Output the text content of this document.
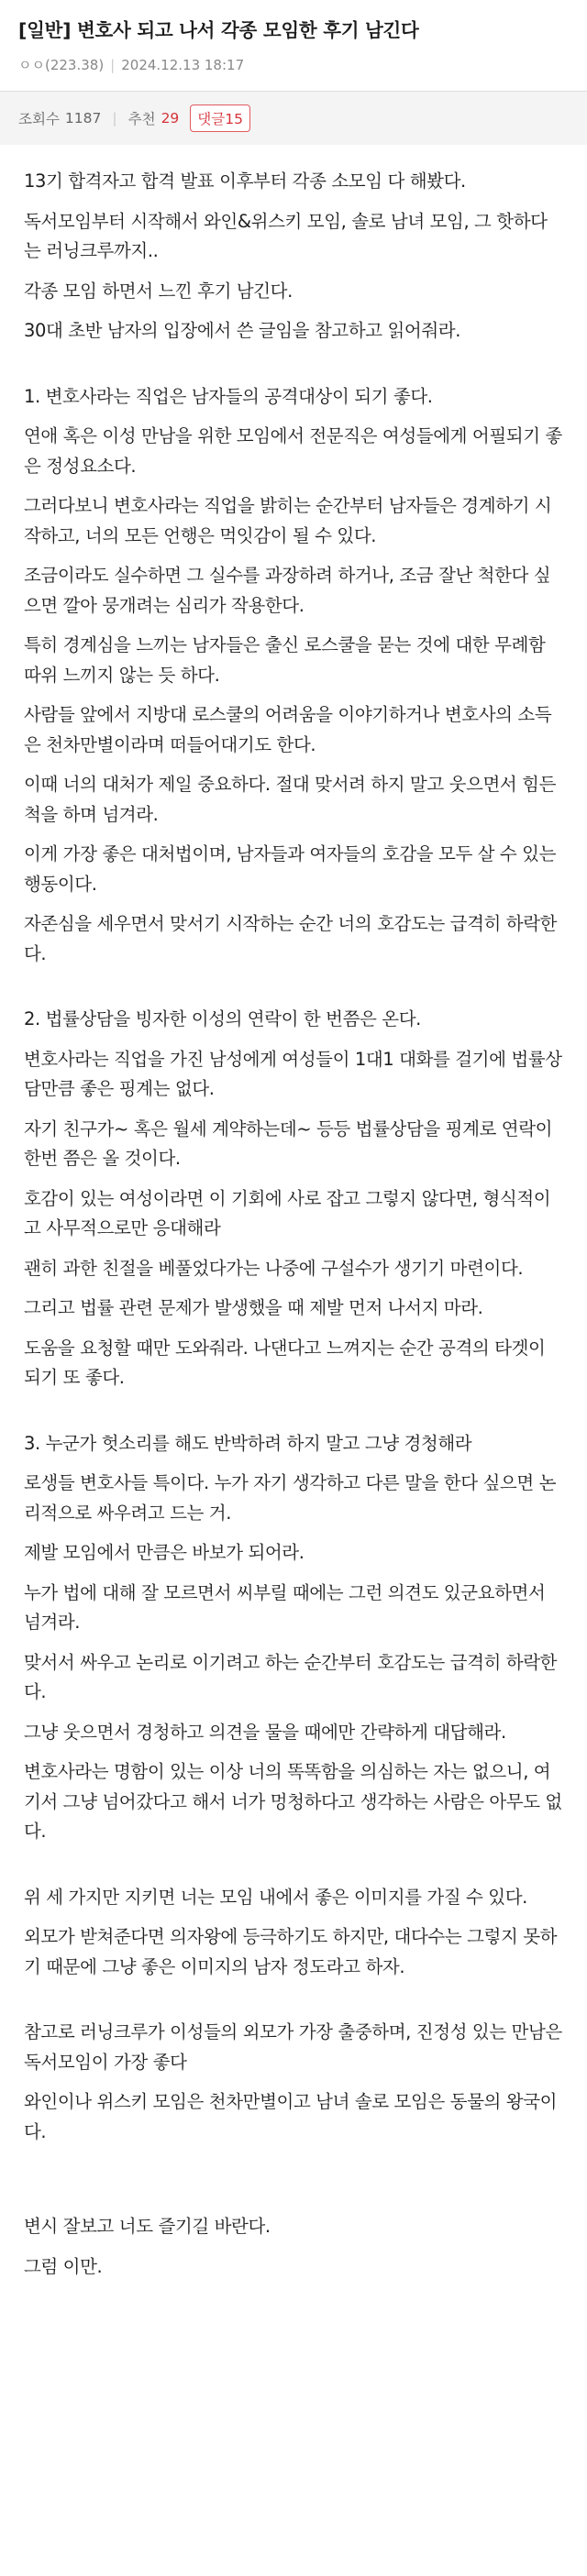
[일반] 변호사 되고 나서 각종 모임한 후기 남긴다
ㅇㅇ(223.38) | 2024.12.13 18:17
조회수 1187 | 추천 29	댓글15
13기 합격자고 합격 발표 이후부터 각종 소모임 다 해봤다.
독서모임부터 시작해서 와인&위스키 모임, 솔로 남녀 모임, 그 핫하다는 러닝크루까지..
각종 모임 하면서 느낀 후기 남긴다.
30대 초반 남자의 입장에서 쓴 글임을 참고하고 읽어줘라.
1. 변호사라는 직업은 남자들의 공격대상이 되기 좋다.
연애 혹은 이성 만남을 위한 모임에서 전문직은 여성들에게 어필되기 좋은 정성요소다.
그러다보니 변호사라는 직업을 밝히는 순간부터 남자들은 경계하기 시작하고, 너의 모든 언행은 먹잇감이 될 수 있다.
조금이라도 실수하면 그 실수를 과장하려 하거나, 조금 잘난 척한다 싶으면 깔아 뭉개려는 심리가 작용한다.
특히 경계심을 느끼는 남자들은 출신 로스쿨을 묻는 것에 대한 무례함 따위 느끼지 않는 듯 하다.
사람들 앞에서 지방대 로스쿨의 어려움을 이야기하거나 변호사의 소득은 천차만별이라며 떠들어대기도 한다.
이때 너의 대처가 제일 중요하다. 절대 맞서려 하지 말고 웃으면서 힘든 척을 하며 넘겨라.
이게 가장 좋은 대처법이며, 남자들과 여자들의 호감을 모두 살 수 있는 행동이다.
자존심을 세우면서 맞서기 시작하는 순간 너의 호감도는 급격히 하락한다.
2. 법률상담을 빙자한 이성의 연락이 한 번쯤은 온다.
변호사라는 직업을 가진 남성에게 여성들이 1대1 대화를 걸기에 법률상담만큼 좋은 핑계는 없다.
자기 친구가~ 혹은 월세 계약하는데~ 등등 법률상담을 핑계로 연락이 한번 쯤은 올 것이다.
호감이 있는 여성이라면 이 기회에 사로 잡고 그렇지 않다면, 형식적이고 사무적으로만 응대해라
괜히 과한 친절을 베풀었다가는 나중에 구설수가 생기기 마련이다.
그리고 법률 관련 문제가 발생했을 때 제발 먼저 나서지 마라.
도움을 요청할 때만 도와줘라. 나댄다고 느껴지는 순간 공격의 타겟이 되기 또 좋다.
3. 누군가 헛소리를 해도 반박하려 하지 말고 그냥 경청해라
로생들 변호사들 특이다. 누가 자기 생각하고 다른 말을 한다 싶으면 논리적으로 싸우려고 드는 거.
제발 모임에서 만큼은 바보가 되어라.
누가 법에 대해 잘 모르면서 씨부릴 때에는 그런 의견도 있군요하면서 넘겨라.
맞서서 싸우고 논리로 이기려고 하는 순간부터 호감도는 급격히 하락한다.
그냥 웃으면서 경청하고 의견을 물을 때에만 간략하게 대답해라.
변호사라는 명함이 있는 이상 너의 똑똑함을 의심하는 자는 없으니, 여기서 그냥 넘어갔다고 해서 너가 멍청하다고 생각하는 사람은 아무도 없다.
위 세 가지만 지키면 너는 모임 내에서 좋은 이미지를 가질 수 있다.
외모가 받쳐준다면 의자왕에 등극하기도 하지만, 대다수는 그렇지 못하기 때문에 그냥 좋은 이미지의 남자 정도라고 하자.
참고로 러닝크루가 이성들의 외모가 가장 출중하며, 진정성 있는 만남은 독서모임이 가장 좋다
와인이나 위스키 모임은 천차만별이고 남녀 솔로 모임은 동물의 왕국이다.
변시 잘보고 너도 즐기길 바란다.
그럼 이만.
